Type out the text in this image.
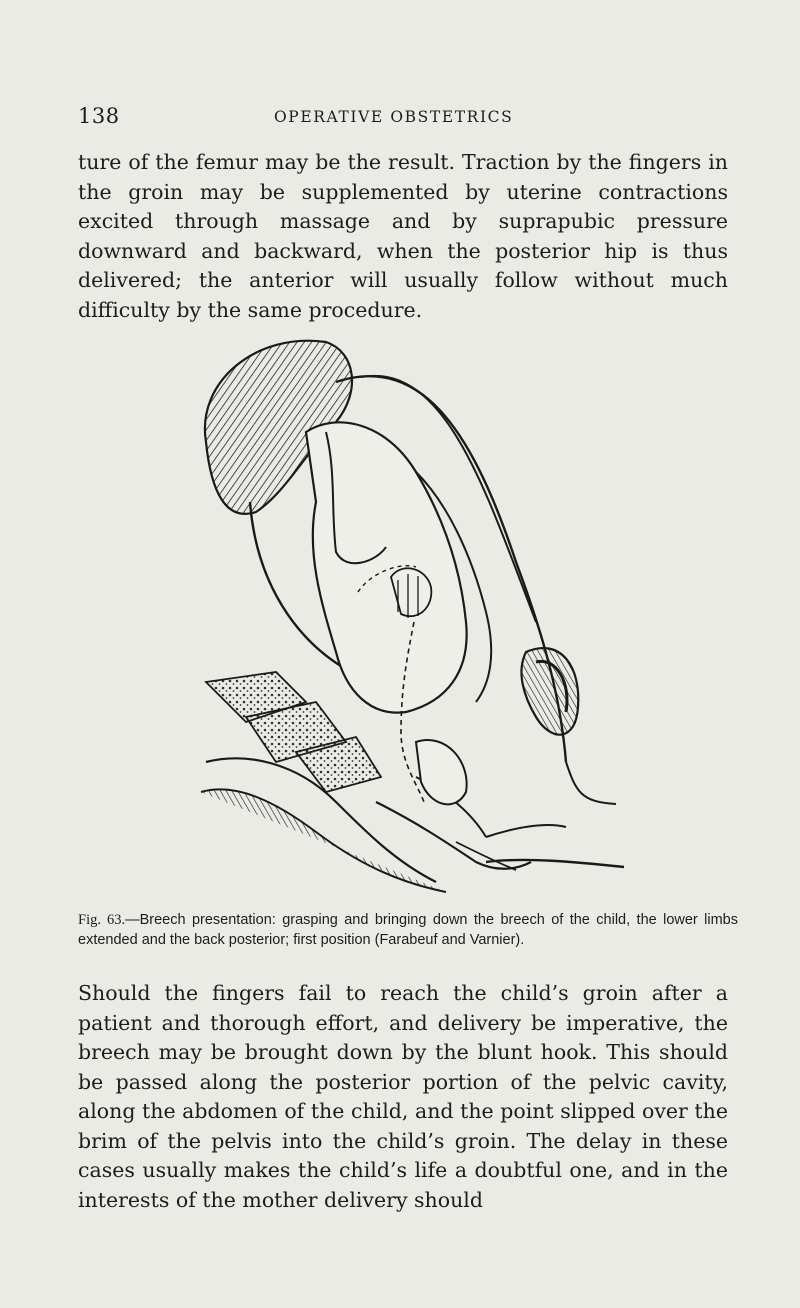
138	OPERATIVE OBSTETRICS

ture of the femur may be the result. Traction by the fingers in the groin may be supplemented by uterine contractions excited through massage and by suprapubic pressure downward and backward, when the posterior hip is thus delivered; the anterior will usually follow without much difficulty by the same procedure.

Fig. 63.—Breech presentation: grasping and bringing down the breech of the child, the lower limbs extended and the back posterior; first position (Farabeuf and Varnier).

Should the fingers fail to reach the child’s groin after a patient and thorough effort, and delivery be imperative, the breech may be brought down by the blunt hook. This should be passed along the posterior portion of the pelvic cavity, along the abdomen of the child, and the point slipped over the brim of the pelvis into the child’s groin. The delay in these cases usually makes the child’s life a doubtful one, and in the interests of the mother delivery should
